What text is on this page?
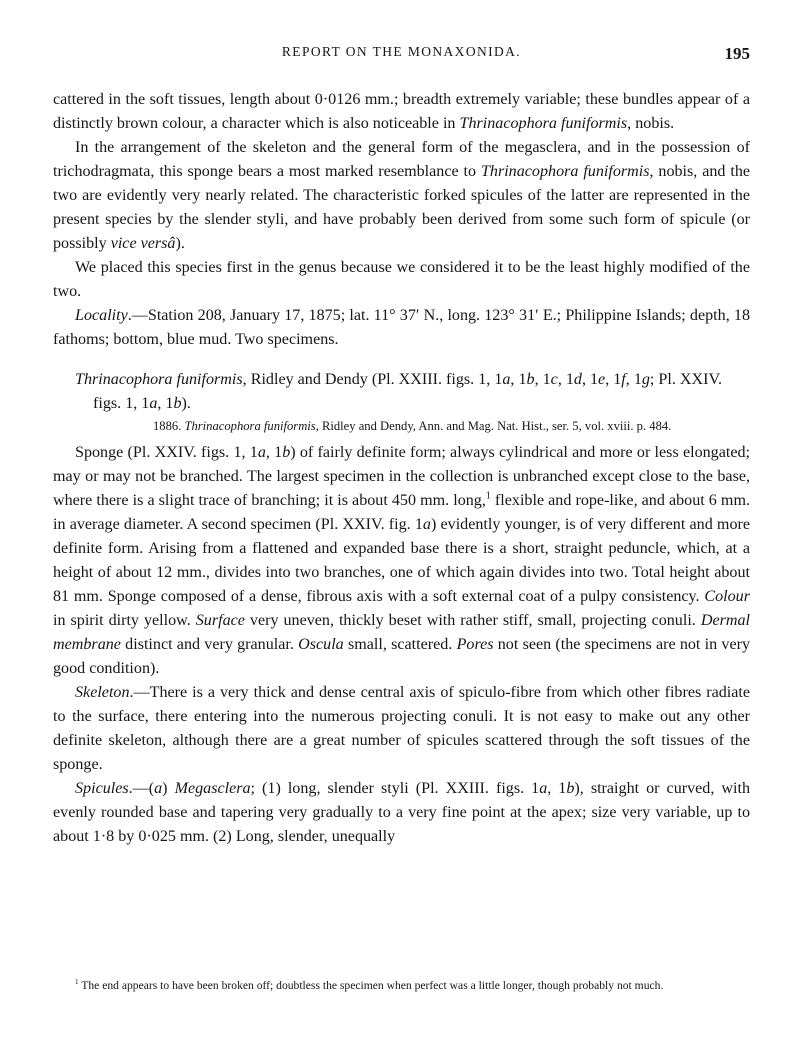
REPORT ON THE MONAXONIDA.	195

cattered in the soft tissues, length about 0·0126 mm.; breadth extremely variable; these bundles appear of a distinctly brown colour, a character which is also noticeable in Thrinacophora funiformis, nobis.

In the arrangement of the skeleton and the general form of the megasclera, and in the possession of trichodragmata, this sponge bears a most marked resemblance to Thrinacophora funiformis, nobis, and the two are evidently very nearly related. The characteristic forked spicules of the latter are represented in the present species by the slender styli, and have probably been derived from some such form of spicule (or possibly vice versâ).

We placed this species first in the genus because we considered it to be the least highly modified of the two.

Locality.—Station 208, January 17, 1875; lat. 11° 37′ N., long. 123° 31′ E.; Philippine Islands; depth, 18 fathoms; bottom, blue mud. Two specimens.

Thrinacophora funiformis, Ridley and Dendy (Pl. XXIII. figs. 1, 1a, 1b, 1c, 1d, 1e, 1f, 1g; Pl. XXIV. figs. 1, 1a, 1b).

1886. Thrinacophora funiformis, Ridley and Dendy, Ann. and Mag. Nat. Hist., ser. 5, vol. xviii. p. 484.

Sponge (Pl. XXIV. figs. 1, 1a, 1b) of fairly definite form; always cylindrical and more or less elongated; may or may not be branched. The largest specimen in the collection is unbranched except close to the base, where there is a slight trace of branching; it is about 450 mm. long,$^1$ flexible and rope-like, and about 6 mm. in average diameter. A second specimen (Pl. XXIV. fig. 1a) evidently younger, is of very different and more definite form. Arising from a flattened and expanded base there is a short, straight peduncle, which, at a height of about 12 mm., divides into two branches, one of which again divides into two. Total height about 81 mm. Sponge composed of a dense, fibrous axis with a soft external coat of a pulpy consistency. Colour in spirit dirty yellow. Surface very uneven, thickly beset with rather stiff, small, projecting conuli. Dermal membrane distinct and very granular. Oscula small, scattered. Pores not seen (the specimens are not in very good condition).

Skeleton.—There is a very thick and dense central axis of spiculo-fibre from which other fibres radiate to the surface, there entering into the numerous projecting conuli. It is not easy to make out any other definite skeleton, although there are a great number of spicules scattered through the soft tissues of the sponge.

Spicules.—(a) Megasclera; (1) long, slender styli (Pl. XXIII. figs. 1a, 1b), straight or curved, with evenly rounded base and tapering very gradually to a very fine point at the apex; size very variable, up to about 1·8 by 0·025 mm. (2) Long, slender, unequally

$^1$ The end appears to have been broken off; doubtless the specimen when perfect was a little longer, though probably not much.
